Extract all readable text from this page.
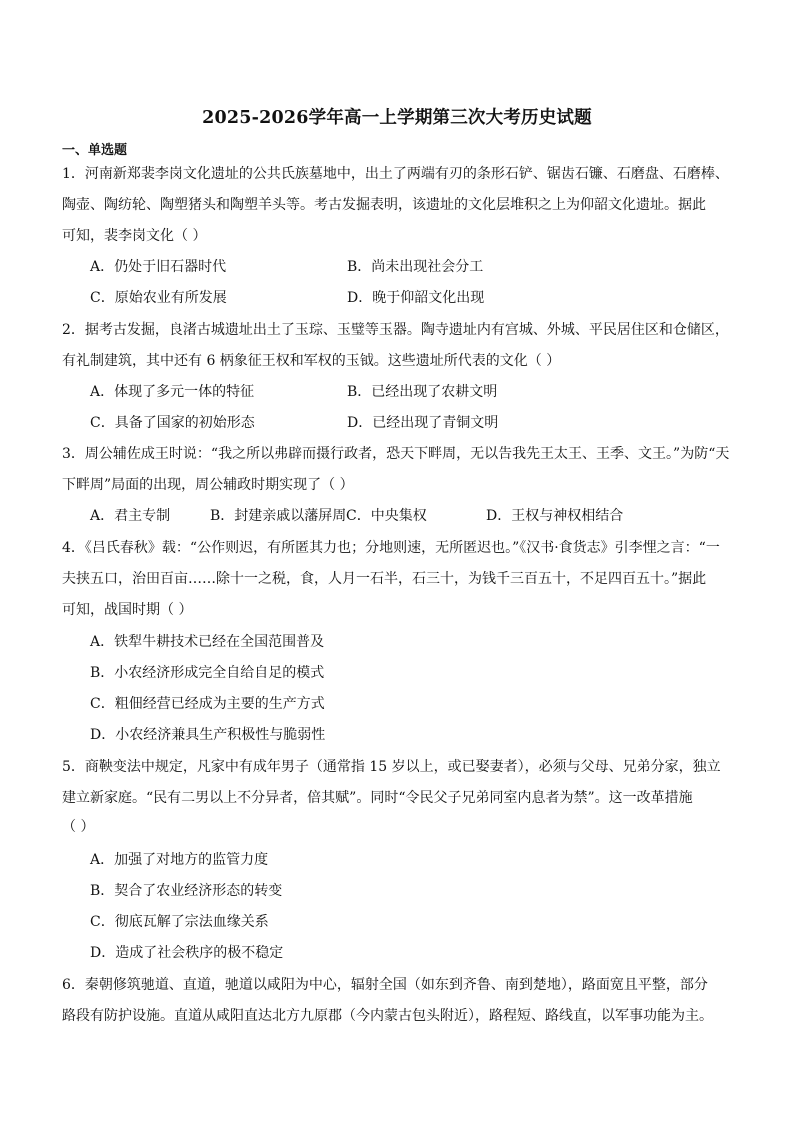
2025-2026学年高一上学期第三次大考历史试题
一、单选题
1．河南新郑裴李岗文化遗址的公共氏族墓地中，出土了两端有刃的条形石铲、锯齿石镰、石磨盘、石磨棒、
陶壶、陶纺轮、陶塑猪头和陶塑羊头等。考古发掘表明，该遗址的文化层堆积之上为仰韶文化遗址。据此
可知，裴李岗文化（ ）
A．仍处于旧石器时代	B．尚未出现社会分工
C．原始农业有所发展	D．晚于仰韶文化出现
2．据考古发掘，良渚古城遗址出土了玉琮、玉璧等玉器。陶寺遗址内有宫城、外城、平民居住区和仓储区，
有礼制建筑，其中还有 6 柄象征王权和军权的玉钺。这些遗址所代表的文化（ ）
A．体现了多元一体的特征	B．已经出现了农耕文明
C．具备了国家的初始形态	D．已经出现了青铜文明
3．周公辅佐成王时说：“我之所以弗辟而摄行政者，恐天下畔周，无以告我先王太王、王季、文王。”为防“天
下畔周”局面的出现，周公辅政时期实现了（ ）
A．君主专制	B．封建亲戚以藩屏周 C．中央集权	D．王权与神权相结合
4．《吕氏春秋》载：“公作则迟，有所匿其力也；分地则速，无所匿迟也。”《汉书·食货志》引李悝之言：“一
夫挟五口，治田百亩……除十一之税，食，人月一石半，石三十，为钱千三百五十，不足四百五十。”据此
可知，战国时期（ ）
A．铁犁牛耕技术已经在全国范围普及
B．小农经济形成完全自给自足的模式
C．粗佃经营已经成为主要的生产方式
D．小农经济兼具生产积极性与脆弱性
5．商鞅变法中规定，凡家中有成年男子（通常指 15 岁以上，或已娶妻者），必须与父母、兄弟分家，独立
建立新家庭。“民有二男以上不分异者，倍其赋”。同时“令民父子兄弟同室内息者为禁”。这一改革措施
（ ）
A．加强了对地方的监管力度
B．契合了农业经济形态的转变
C．彻底瓦解了宗法血缘关系
D．造成了社会秩序的极不稳定
6．秦朝修筑驰道、直道，驰道以咸阳为中心，辐射全国（如东到齐鲁、南到楚地），路面宽且平整，部分
路段有防护设施。直道从咸阳直达北方九原郡（今内蒙古包头附近），路程短、路线直，以军事功能为主。
